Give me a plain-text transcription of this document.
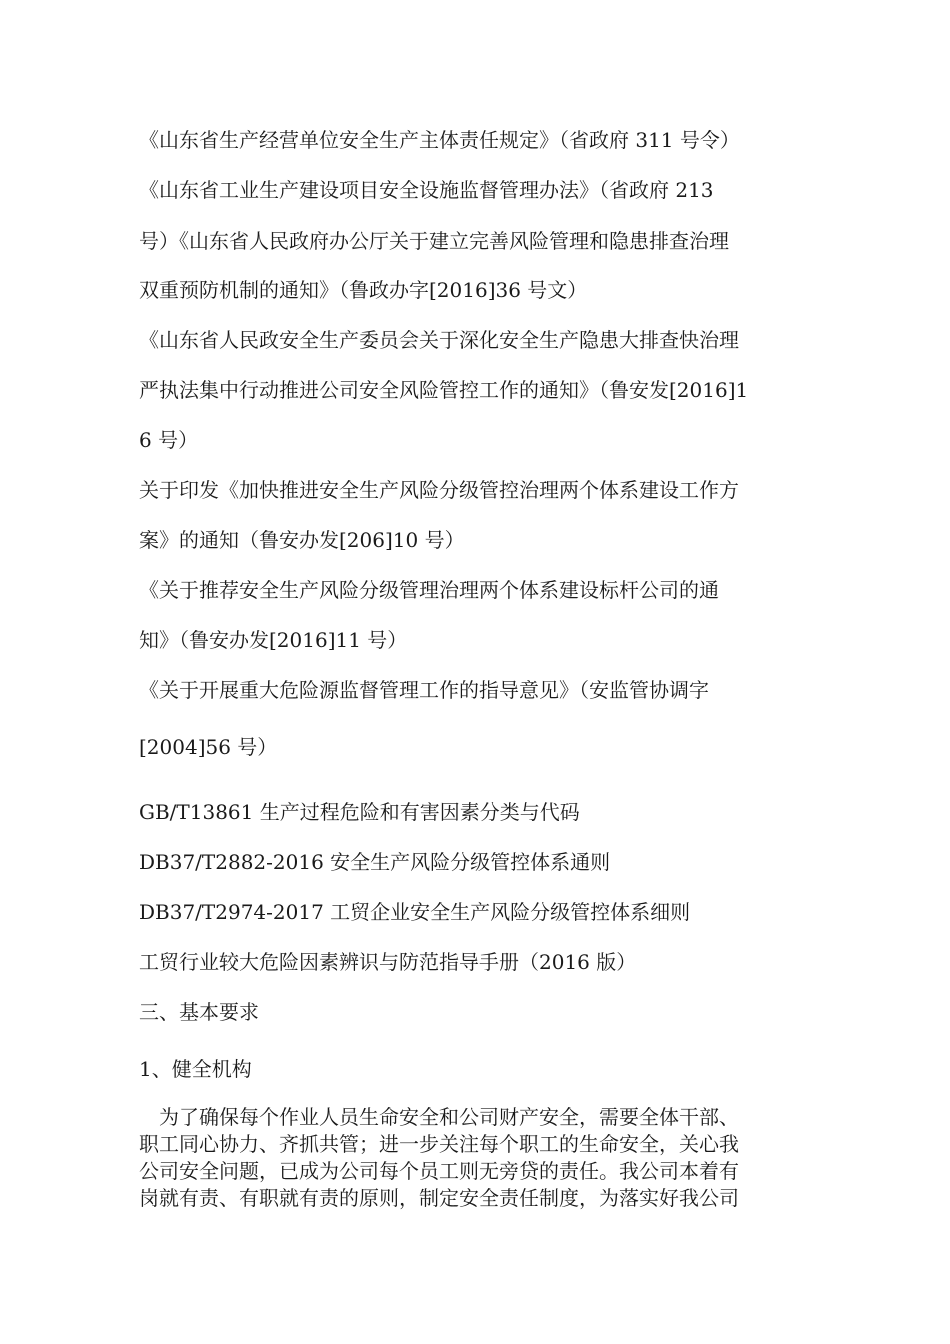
《山东省生产经营单位安全生产主体责任规定》（省政府 311 号令）
《山东省工业生产建设项目安全设施监督管理办法》（省政府 213
号）《山东省人民政府办公厅关于建立完善风险管理和隐患排查治理
双重预防机制的通知》（鲁政办字[2016]36 号文）
《山东省人民政安全生产委员会关于深化安全生产隐患大排查快治理
严执法集中行动推进公司安全风险管控工作的通知》（鲁安发[2016]1
6 号）
关于印发《加快推进安全生产风险分级管控治理两个体系建设工作方
案》的通知（鲁安办发[206]10 号）
《关于推荐安全生产风险分级管理治理两个体系建设标杆公司的通
知》（鲁安办发[2016]11 号）
《关于开展重大危险源监督管理工作的指导意见》（安监管协调字
[2004]56 号）
GB/T13861 生产过程危险和有害因素分类与代码
DB37/T2882-2016 安全生产风险分级管控体系通则
DB37/T2974-2017 工贸企业安全生产风险分级管控体系细则
工贸行业较大危险因素辨识与防范指导手册（2016 版）
三、基本要求
1、健全机构
为了确保每个作业人员生命安全和公司财产安全，需要全体干部、
职工同心协力、齐抓共管；进一步关注每个职工的生命安全，关心我
公司安全问题，已成为公司每个员工则无旁贷的责任。我公司本着有
岗就有责、有职就有责的原则，制定安全责任制度，为落实好我公司
